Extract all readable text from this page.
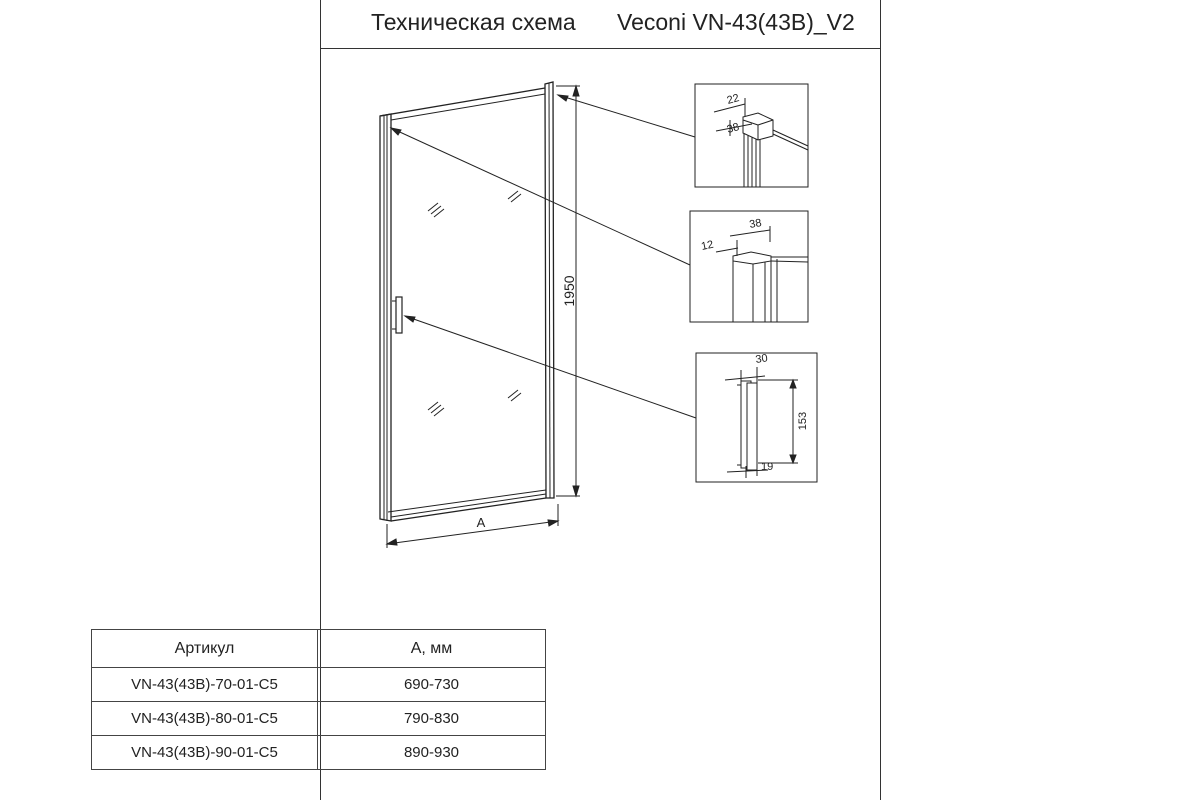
Техническая схема Veconi VN-43(43B)_V2
1950
A
22
38
12
38
30
153
19
Артикул	А, мм
VN-43(43B)-70-01-C5	690-730
VN-43(43B)-80-01-C5	790-830
VN-43(43B)-90-01-C5	890-930
